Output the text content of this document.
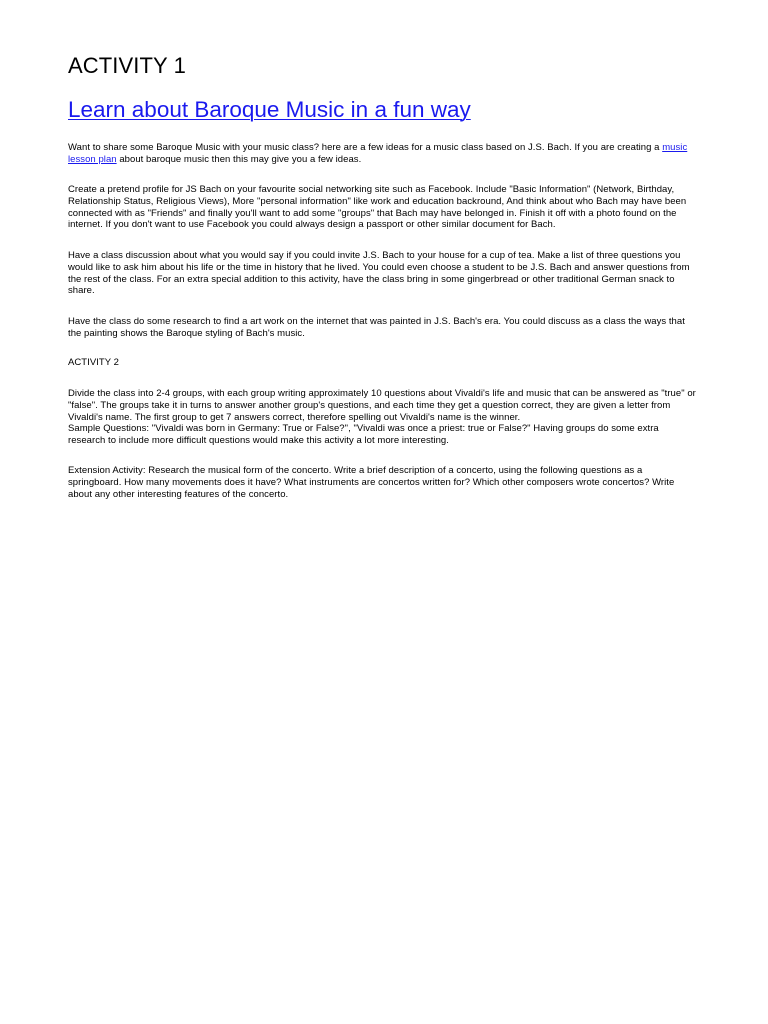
ACTIVITY 1
Learn about Baroque Music in a fun way

Want to share some Baroque Music with your music class? here are a few ideas for a music class based on J.S. Bach. If you are creating a music lesson plan about baroque music then this may give you a few ideas.

Create a pretend profile for JS Bach on your favourite social networking site such as Facebook. Include "Basic Information" (Network, Birthday, Relationship Status, Religious Views), More "personal information" like work and education backround, And think about who Bach may have been connected with as "Friends" and finally you'll want to add some "groups" that Bach may have belonged in. Finish it off with a photo found on the internet. If you don't want to use Facebook you could always design a passport or other similar document for Bach.

Have a class discussion about what you would say if you could invite J.S. Bach to your house for a cup of tea. Make a list of three questions you would like to ask him about his life or the time in history that he lived. You could even choose a student to be J.S. Bach and answer questions from the rest of the class. For an extra special addition to this activity, have the class bring in some gingerbread or other traditional German snack to share.

Have the class do some research to find a art work on the internet that was painted in J.S. Bach's era. You could discuss as a class the ways that the painting shows the Baroque styling of Bach's music.

ACTIVITY 2

Divide the class into 2-4 groups, with each group writing approximately 10 questions about Vivaldi's life and music that can be answered as "true" or "false". The groups take it in turns to answer another group's questions, and each time they get a question correct, they are given a letter from Vivaldi's name. The first group to get 7 answers correct, therefore spelling out Vivaldi's name is the winner.
Sample Questions: "Vivaldi was born in Germany: True or False?", "Vivaldi was once a priest: true or False?" Having groups do some extra research to include more difficult questions would make this activity a lot more interesting.

Extension Activity: Research the musical form of the concerto. Write a brief description of a concerto, using the following questions as a springboard. How many movements does it have? What instruments are concertos written for? Which other composers wrote concertos? Write about any other interesting features of the concerto.
